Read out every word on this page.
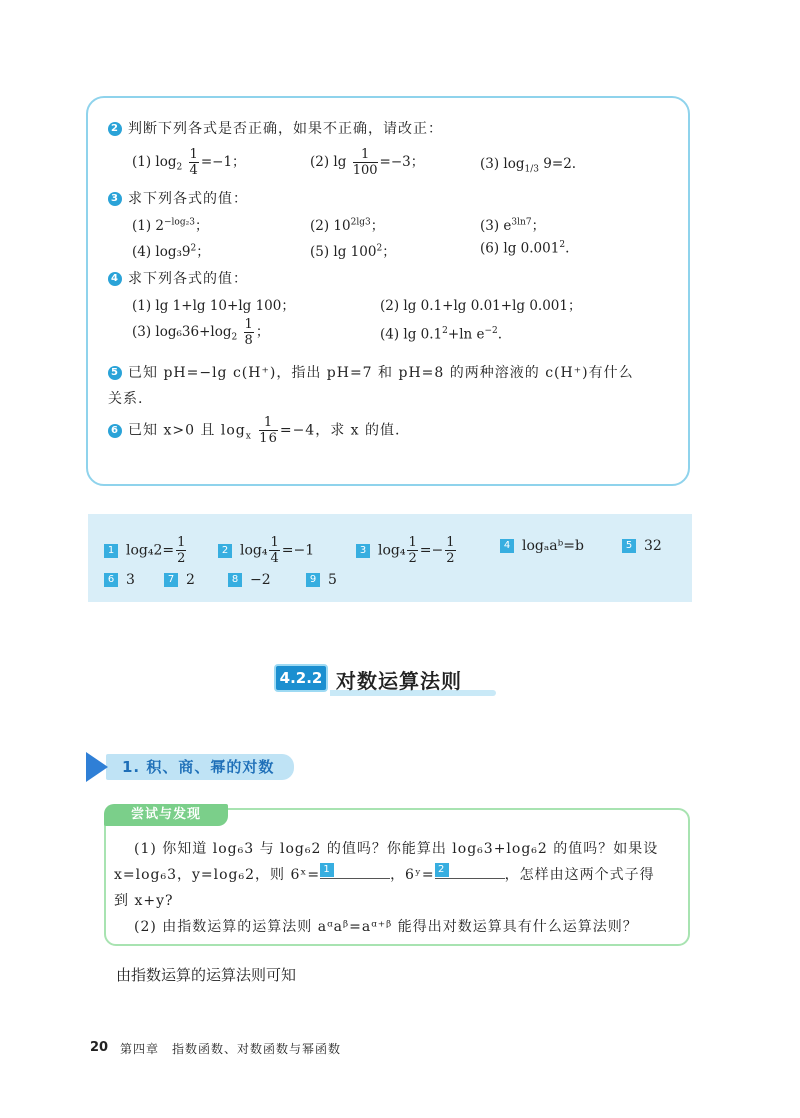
2 判断下列各式是否正确，如果不正确，请改正：
(1) $\log_2 \frac{1}{4} =-1$；	(2) $\lg \frac{1}{100} =-3$；	(3) $\log_{1/3} 9=2$.
3 求下列各式的值：
(1) $2^{-log_23}$；	(2) $10^{2lg3}$；	(3) $e^{3ln7}$；
(4) $\log_39^2$；	(5) $\lg 100^2$；	(6) lg 0.001$^2$.
4 求下列各式的值：
(1) lg 1+lg 10+lg 100；	(2) lg 0.1+lg 0.01+lg 0.001；
(3) $\log_636+\log_2 \frac{1}{8}$ ；	(4) $\lg 0.1^2+\ln$ $e^{-2}$.
5 已知 pH=−lg c(H⁺)，指出 pH=7 和 pH=8 的两种溶液的 c(H⁺)有什么
关系.
6 已知 x>0 且 $\log_x \frac{1}{16} =-4$，求 x 的值.
1 $\log_42= \frac{1}{2}$	2 $\log_4 \frac{1}{4} =-1$	3 $\log_4 \frac{1}{2} =- \frac{1}{2}$	4 logₐaᵇ=b	5 32
6 3	7 2	8 −2	9 5
4.2.2 对数运算法则
1. 积、商、幂的对数
尝试与发现
(1) 你知道 log₆3 与 log₆2 的值吗？你能算出 log₆3+log₆2 的值吗？如果设
x=log₆3，y=log₆2，则 6ˣ= 1	，6ʸ= 2	，怎样由这两个式子得
到 x+y?
(2) 由指数运算的运算法则 aᵅaᵝ=aᵅ⁺ᵝ 能得出对数运算具有什么运算法则？
由指数运算的运算法则可知
20 第四章　指数函数、对数函数与幂函数
